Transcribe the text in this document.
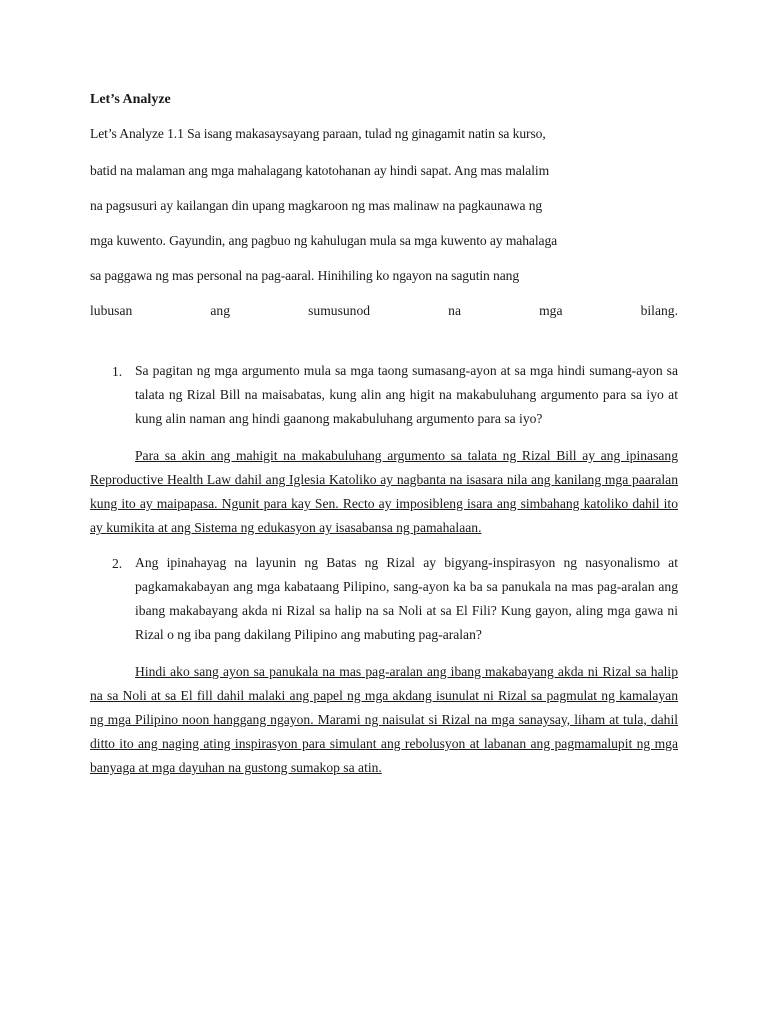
Let’s Analyze
Let’s Analyze 1.1 Sa isang makasaysayang paraan, tulad ng ginagamit natin sa kurso,
batid na malaman ang mga mahalagang katotohanan ay hindi sapat. Ang mas malalim
na pagsusuri ay kailangan din upang magkaroon ng mas malinaw na pagkaunawa ng
mga kuwento. Gayundin, ang pagbuo ng kahulugan mula sa mga kuwento ay mahalaga
sa paggawa ng mas personal na pag-aaral. Hinihiling ko ngayon na sagutin nang
lubusan	ang	sumusunod	na	mga	bilang.
1. Sa pagitan ng mga argumento mula sa mga taong sumasang-ayon at sa mga hindi sumang-ayon sa talata ng Rizal Bill na maisabatas, kung alin ang higit na makabuluhang argumento para sa iyo at kung alin naman ang hindi gaanong makabuluhang argumento para sa iyo?

Para sa akin ang mahigit na makabuluhang argumento sa talata ng Rizal Bill ay ang ipinasang Reproductive Health Law dahil ang Iglesia Katoliko ay nagbanta na isasara nila ang kanilang mga paaralan kung ito ay maipapasa. Ngunit para kay Sen. Recto ay imposibleng isara ang simbahang katoliko dahil ito ay kumikita at ang Sistema ng edukasyon ay isasabansa ng pamahalaan.

2. Ang ipinahayag na layunin ng Batas ng Rizal ay bigyang-inspirasyon ng nasyonalismo at pagkamakabayan ang mga kabataang Pilipino, sang-ayon ka ba sa panukala na mas pag-aralan ang ibang makabayang akda ni Rizal sa halip na sa Noli at sa El Fili? Kung gayon, aling mga gawa ni Rizal o ng iba pang dakilang Pilipino ang mabuting pag-aralan?

Hindi ako sang ayon sa panukala na mas pag-aralan ang ibang makabayang akda ni Rizal sa halip na sa Noli at sa El fill dahil malaki ang papel ng mga akdang isunulat ni Rizal sa pagmulat ng kamalayan ng mga Pilipino noon hanggang ngayon. Marami ng naisulat si Rizal na mga sanaysay, liham at tula, dahil ditto ito ang naging ating inspirasyon para simulant ang rebolusyon at labanan ang pagmamalupit ng mga banyaga at mga dayuhan na gustong sumakop sa atin.
